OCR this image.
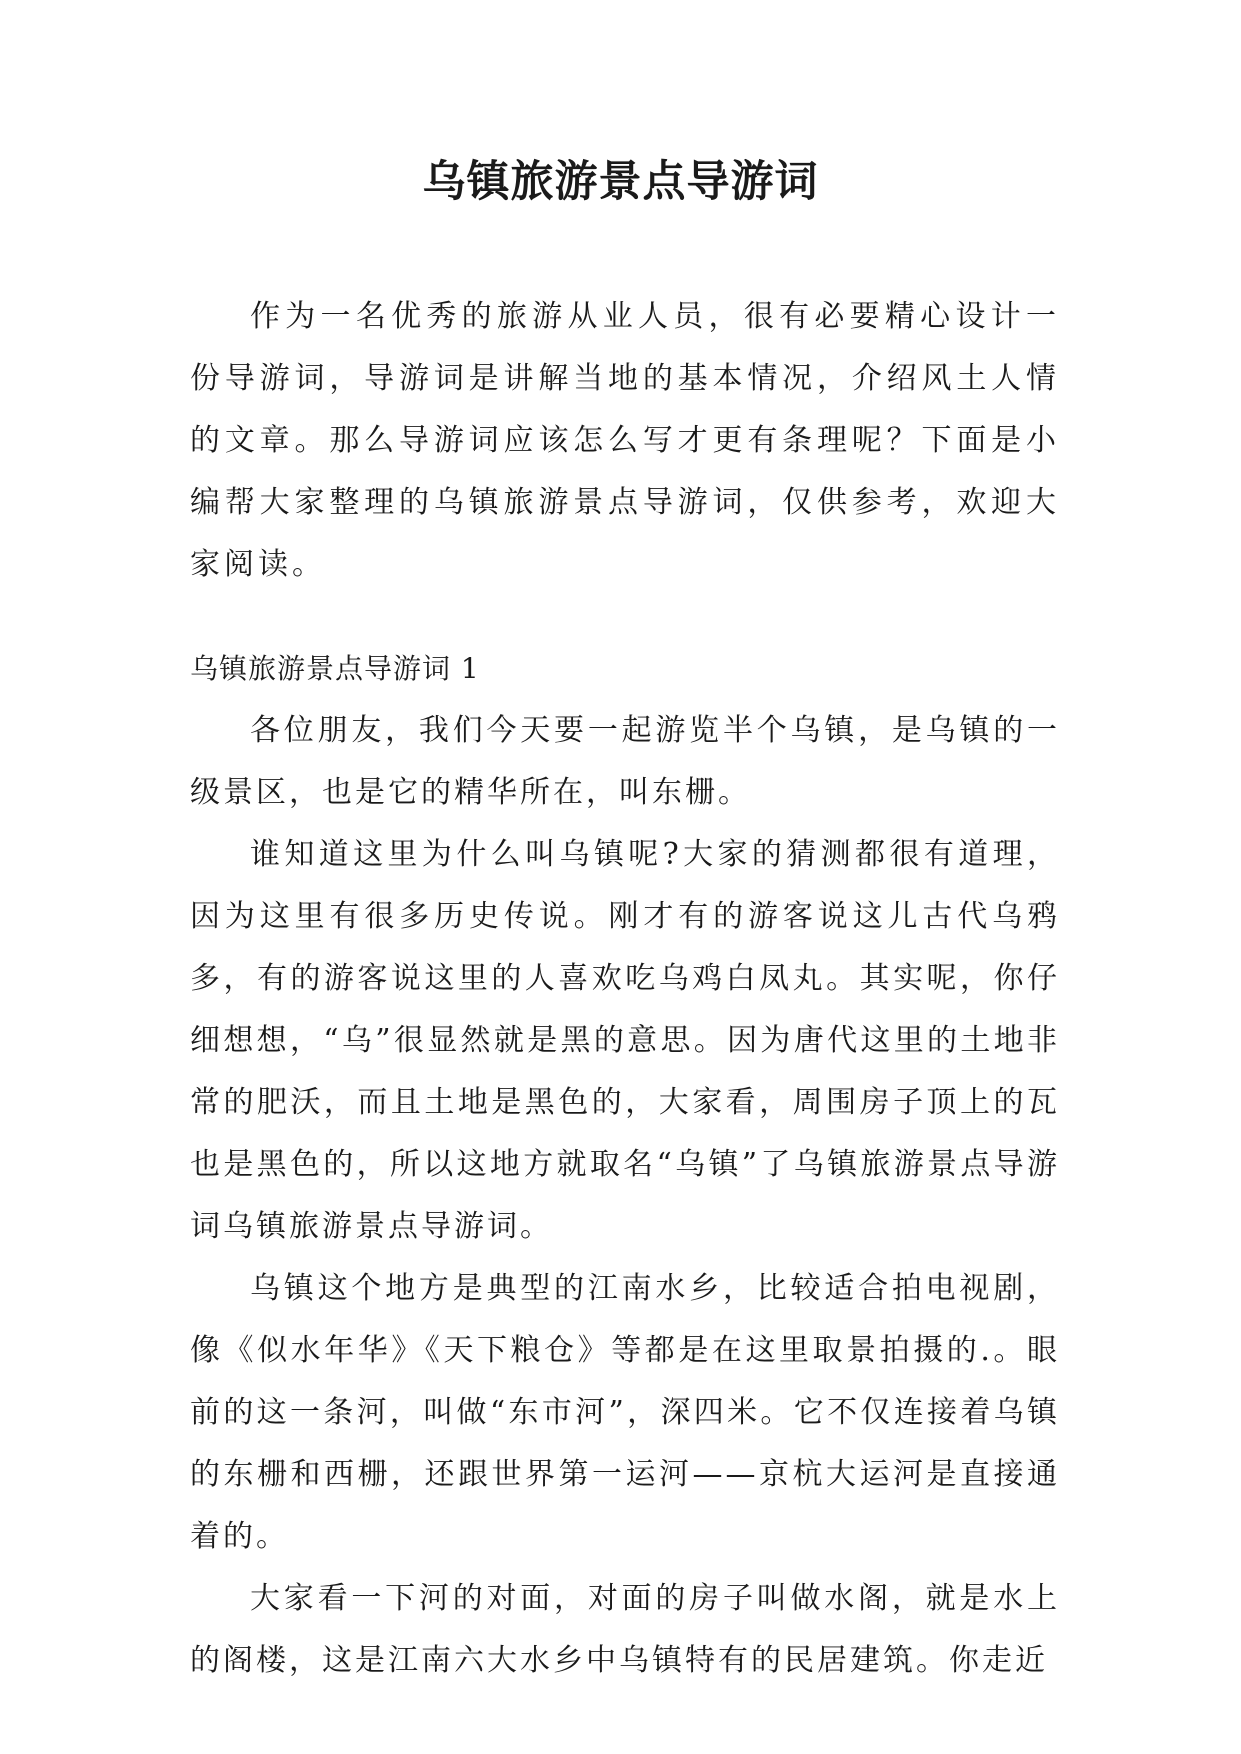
乌镇旅游景点导游词

作为一名优秀的旅游从业人员，很有必要精心设计一份导游词，导游词是讲解当地的基本情况，介绍风土人情的文章。那么导游词应该怎么写才更有条理呢？下面是小编帮大家整理的乌镇旅游景点导游词，仅供参考，欢迎大家阅读。

乌镇旅游景点导游词 1

各位朋友，我们今天要一起游览半个乌镇，是乌镇的一级景区，也是它的精华所在，叫东栅。

谁知道这里为什么叫乌镇呢?大家的猜测都很有道理，因为这里有很多历史传说。刚才有的游客说这儿古代乌鸦多，有的游客说这里的人喜欢吃乌鸡白凤丸。其实呢，你仔细想想，“乌”很显然就是黑的意思。因为唐代这里的土地非常的肥沃，而且土地是黑色的，大家看，周围房子顶上的瓦也是黑色的，所以这地方就取名“乌镇”了乌镇旅游景点导游词乌镇旅游景点导游词。

乌镇这个地方是典型的江南水乡，比较适合拍电视剧，像《似水年华》《天下粮仓》等都是在这里取景拍摄的.。眼前的这一条河，叫做“东市河”，深四米。它不仅连接着乌镇的东栅和西栅，还跟世界第一运河——京杭大运河是直接通着的。

大家看一下河的对面，对面的房子叫做水阁，就是水上的阁楼，这是江南六大水乡中乌镇特有的民居建筑。你走近
